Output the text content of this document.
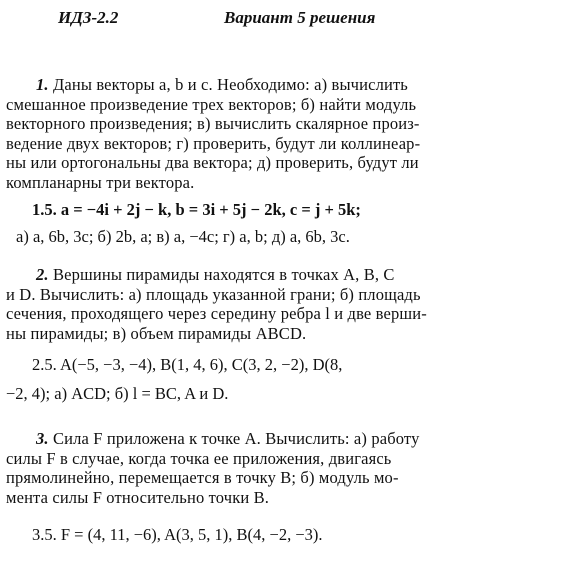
ИДЗ-2.2	Вариант 5 решения
1. Даны векторы a, b и c. Необходимо: а) вычислить
смешанное произведение трех векторов; б) найти модуль
векторного произведения; в) вычислить скалярное произ-
ведение двух векторов; г) проверить, будут ли коллинеар-
ны или ортогональны два вектора; д) проверить, будут ли
компланарны три вектора.
1.5. a = −4i + 2j − k, b = 3i + 5j − 2k, c = j + 5k;
а) a, 6b, 3c; б) 2b, a; в) a, −4c; г) a, b; д) a, 6b, 3c.
2. Вершины пирамиды находятся в точках A, B, C
и D. Вычислить: а) площадь указанной грани; б) площадь
сечения, проходящего через середину ребра l и две верши-
ны пирамиды; в) объем пирамиды ABCD.
2.5. A(−5, −3, −4), B(1, 4, 6), C(3, 2, −2), D(8,
−2, 4); а) ACD; б) l = BC, A и D.
3. Сила F приложена к точке A. Вычислить: а) работу
силы F в случае, когда точка ее приложения, двигаясь
прямолинейно, перемещается в точку B; б) модуль мо-
мента силы F относительно точки B.
3.5. F = (4, 11, −6), A(3, 5, 1), B(4, −2, −3).
